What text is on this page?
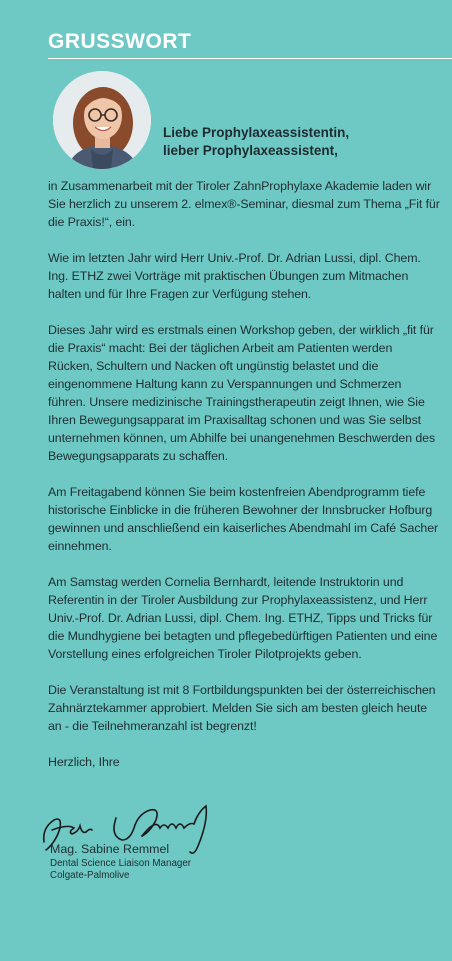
GRUSSWORT
Liebe Prophylaxeassistentin,
lieber Prophylaxeassistent,

in Zusammenarbeit mit der Tiroler ZahnProphylaxe Akademie laden wir Sie herzlich zu unserem 2. elmex®-Seminar, diesmal zum Thema „Fit für die Praxis!“, ein.

Wie im letzten Jahr wird Herr Univ.-Prof. Dr. Adrian Lussi, dipl. Chem. Ing. ETHZ zwei Vorträge mit praktischen Übungen zum Mitmachen halten und für Ihre Fragen zur Verfügung stehen.

Dieses Jahr wird es erstmals einen Workshop geben, der wirklich „fit für die Praxis“ macht: Bei der täglichen Arbeit am Patienten werden Rücken, Schultern und Nacken oft ungünstig belastet und die eingenommene Haltung kann zu Verspannungen und Schmerzen führen. Unsere medizinische Trainingstherapeutin zeigt Ihnen, wie Sie Ihren Bewegungsapparat im Praxisalltag schonen und was Sie selbst unternehmen können, um Abhilfe bei unangenehmen Beschwerden des Bewegungsapparats zu schaffen.

Am Freitagabend können Sie beim kostenfreien Abendprogramm tiefe historische Einblicke in die früheren Bewohner der Innsbrucker Hofburg gewinnen und anschließend ein kaiserliches Abendmahl im Café Sacher einnehmen.

Am Samstag werden Cornelia Bernhardt, leitende Instruktorin und Referentin in der Tiroler Ausbildung zur Prophylaxeassistenz, und Herr Univ.-Prof. Dr. Adrian Lussi, dipl. Chem. Ing. ETHZ, Tipps und Tricks für die Mundhygiene bei betagten und pflegebedürftigen Patienten und eine Vorstellung eines erfolgreichen Tiroler Pilotprojekts geben.

Die Veranstaltung ist mit 8 Fortbildungspunkten bei der österreichischen Zahnärztekammer approbiert. Melden Sie sich am besten gleich heute an - die Teilnehmeranzahl ist begrenzt!

Herzlich, Ihre

Mag. Sabine Remmel
Dental Science Liaison Manager
Colgate-Palmolive
